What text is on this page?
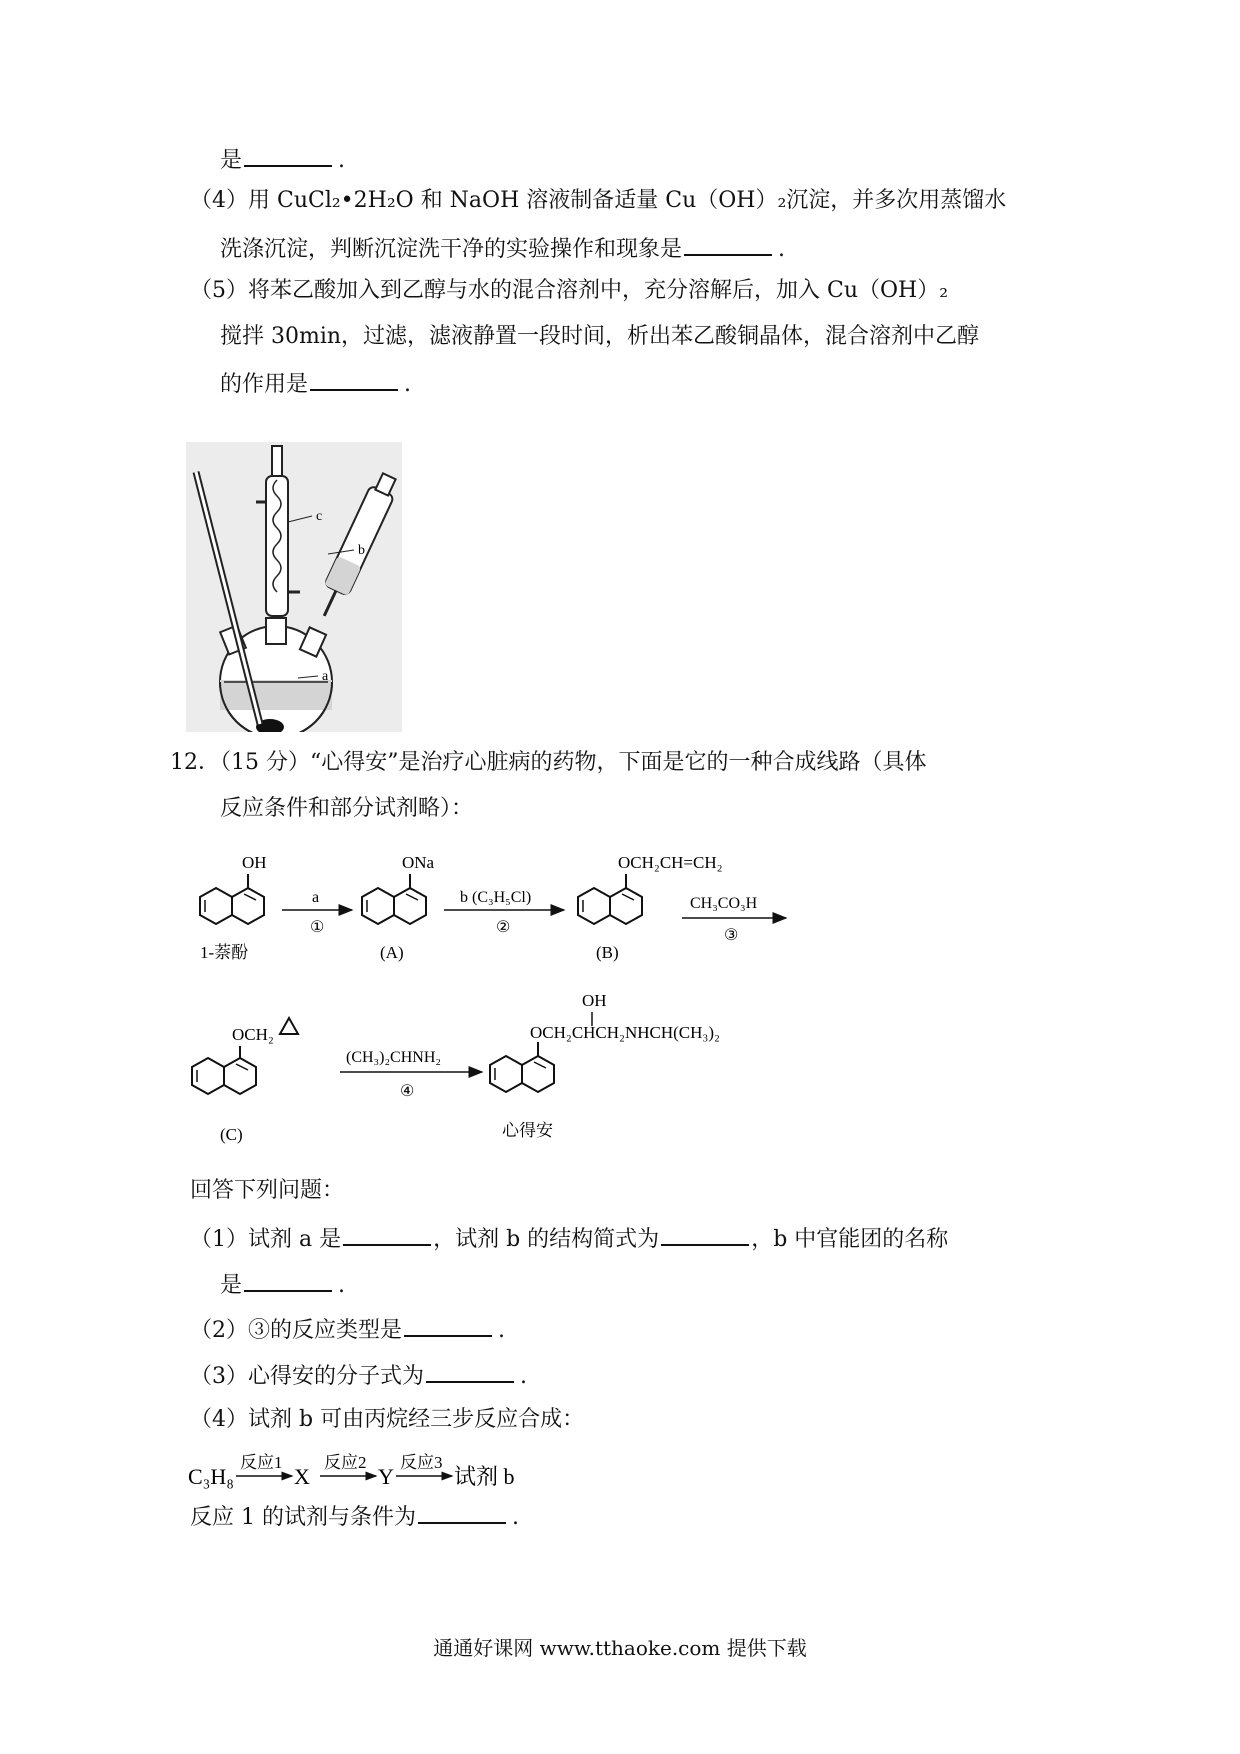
是	.
（4）用 CuCl₂•2H₂O 和 NaOH 溶液制备适量 Cu（OH）₂沉淀，并多次用蒸馏水
洗涤沉淀，判断沉淀洗干净的实验操作和现象是	.
（5）将苯乙酸加入到乙醇与水的混合溶剂中，充分溶解后，加入 Cu（OH）₂
搅拌 30min，过滤，滤液静置一段时间，析出苯乙酸铜晶体，混合溶剂中乙醇
的作用是	.
c
b
a
12．（15 分）“心得安”是治疗心脏病的药物，下面是它的一种合成线路（具体
反应条件和部分试剂略）：
OH
1-萘酚
a
①
ONa
(A)
b (C₃H₅Cl)
②
OCH₂CH=CH₂
(B)
CH₃CO₃H
③
OCH₂
(C)
(CH₃)₂CHNH₂
④
OH
OCH₂CHCH₂NHCH(CH₃)₂
心得安
回答下列问题：
（1）试剂 a 是	，试剂 b 的结构简式为	，b 中官能团的名称
是	.
（2）③的反应类型是	.
（3）心得安的分子式为	.
（4）试剂 b 可由丙烷经三步反应合成：
C₃H₈
反应1
X
反应2
Y
反应3
试剂 b
反应 1 的试剂与条件为	.
通通好课网 www.tthaoke.com 提供下载
